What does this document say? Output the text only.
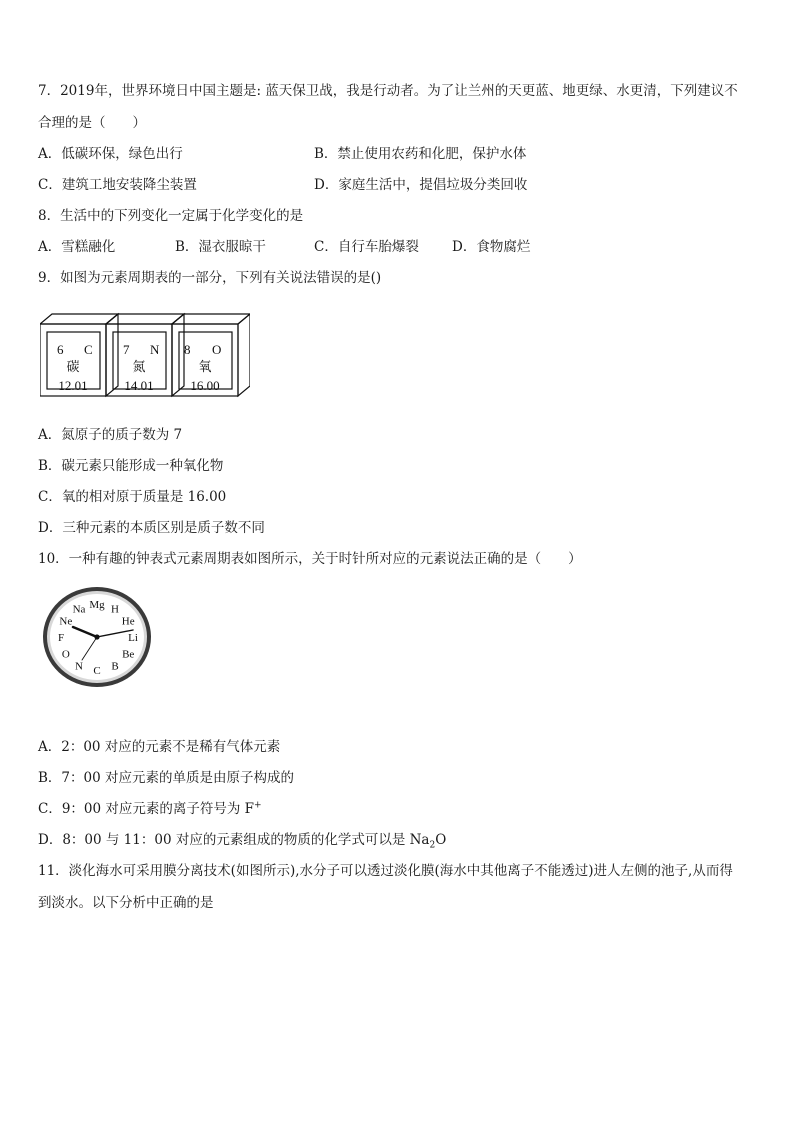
7．2019年，世界环境日中国主题是: 蓝天保卫战，我是行动者。为了让兰州的天更蓝、地更绿、水更清，下列建议不
合理的是（　　）
A．低碳环保，绿色出行	B．禁止使用农药和化肥，保护水体
C．建筑工地安装降尘装置	D．家庭生活中，提倡垃圾分类回收
8．生活中的下列变化一定属于化学变化的是
A．雪糕融化	B．湿衣服晾干	C．自行车胎爆裂 D．食物腐烂
9．如图为元素周期表的一部分，下列有关说法错误的是()
6 C
碳
12.01
7 N
氮
14.01
8 O
氧
16.00
A．氮原子的质子数为 7
B．碳元素只能形成一种氧化物
C．氧的相对原于质量是 16.00
D．三种元素的本质区别是质子数不同
10．一种有趣的钟表式元素周期表如图所示，关于时针所对应的元素说法正确的是（　　）
H
He
Li
Be
B
C
N
O
F
Ne
Na Mg
A．2：00 对应的元素不是稀有气体元素
B．7：00 对应元素的单质是由原子构成的
C．9：00 对应元素的离子符号为 F+
D．8：00 与 11：00 对应的元素组成的物质的化学式可以是 $Na_2O$
11．淡化海水可采用膜分离技术(如图所示),水分子可以透过淡化膜(海水中其他离子不能透过)进人左侧的池子,从而得
到淡水。以下分析中正确的是
